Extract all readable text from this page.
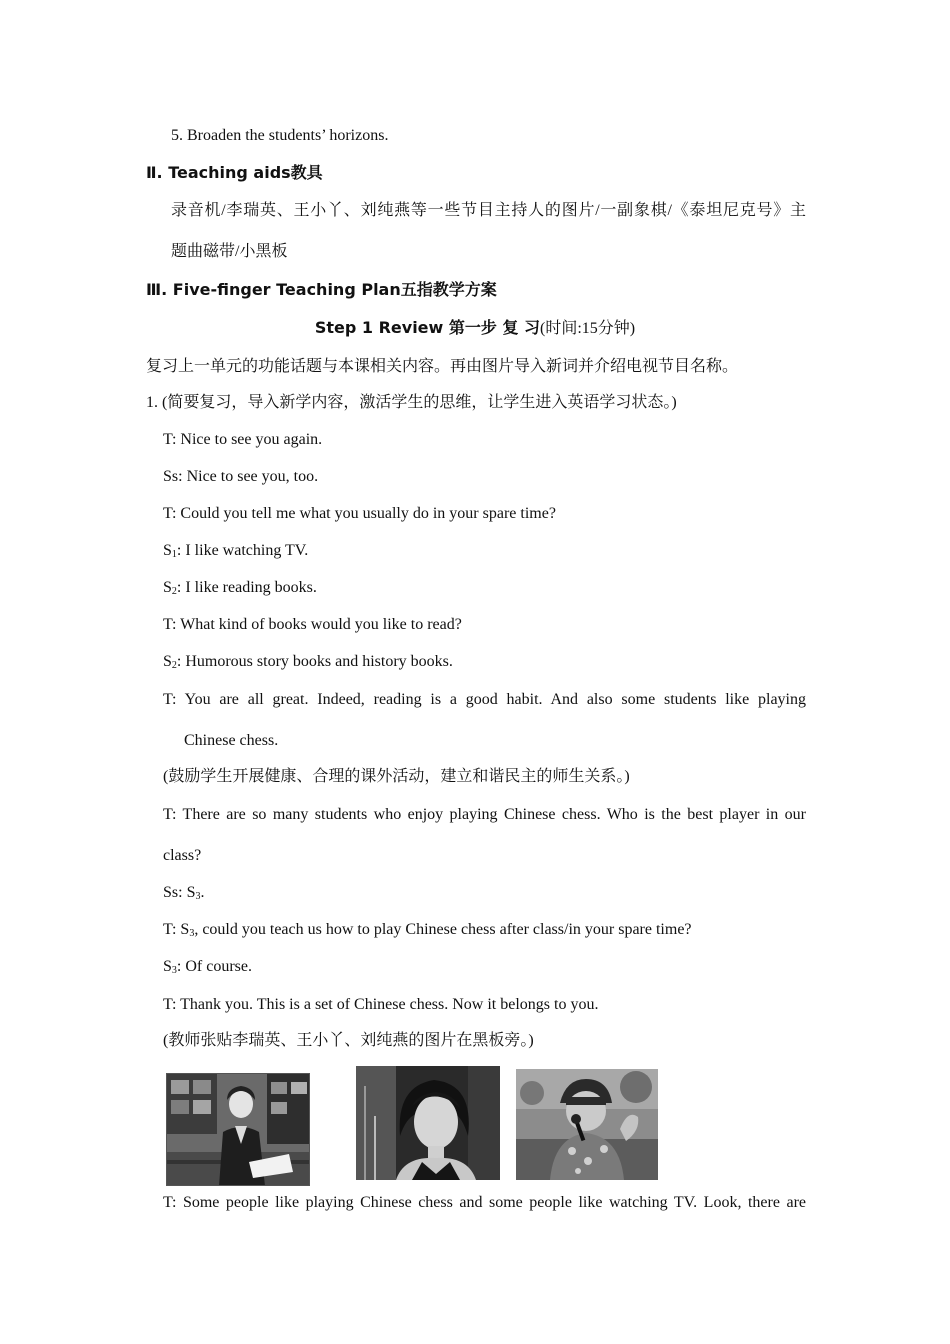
5. Broaden the students’ horizons.
Ⅱ. Teaching aids教具
录音机/李瑞英、王小丫、刘纯燕等一些节目主持人的图片/一副象棋/《泰坦尼克号》主
题曲磁带/小黑板
Ⅲ. Five-finger Teaching Plan五指教学方案
Step 1 Review 第一步 复 习(时间:15分钟)
复习上一单元的功能话题与本课相关内容。再由图片导入新词并介绍电视节目名称。
1. (简要复习，导入新学内容，激活学生的思维，让学生进入英语学习状态。)
T: Nice to see you again.
Ss: Nice to see you, too.
T: Could you tell me what you usually do in your spare time?
$S_1$: I like watching TV.
$S_2$: I like reading books.
T: What kind of books would you like to read?
$S_2$: Humorous story books and history books.
T: You are all great. Indeed, reading is a good habit. And also some students like playing
Chinese chess.
(鼓励学生开展健康、合理的课外活动，建立和谐民主的师生关系。)
T: There are so many students who enjoy playing Chinese chess. Who is the best player in our
class?
Ss: $S_3$.
T: $S_3$, could you teach us how to play Chinese chess after class/in your spare time?
$S_3$: Of course.
T: Thank you. This is a set of Chinese chess. Now it belongs to you.
(教师张贴李瑞英、王小丫、刘纯燕的图片在黑板旁。)
T: Some people like playing Chinese chess and some people like watching TV. Look, there are
